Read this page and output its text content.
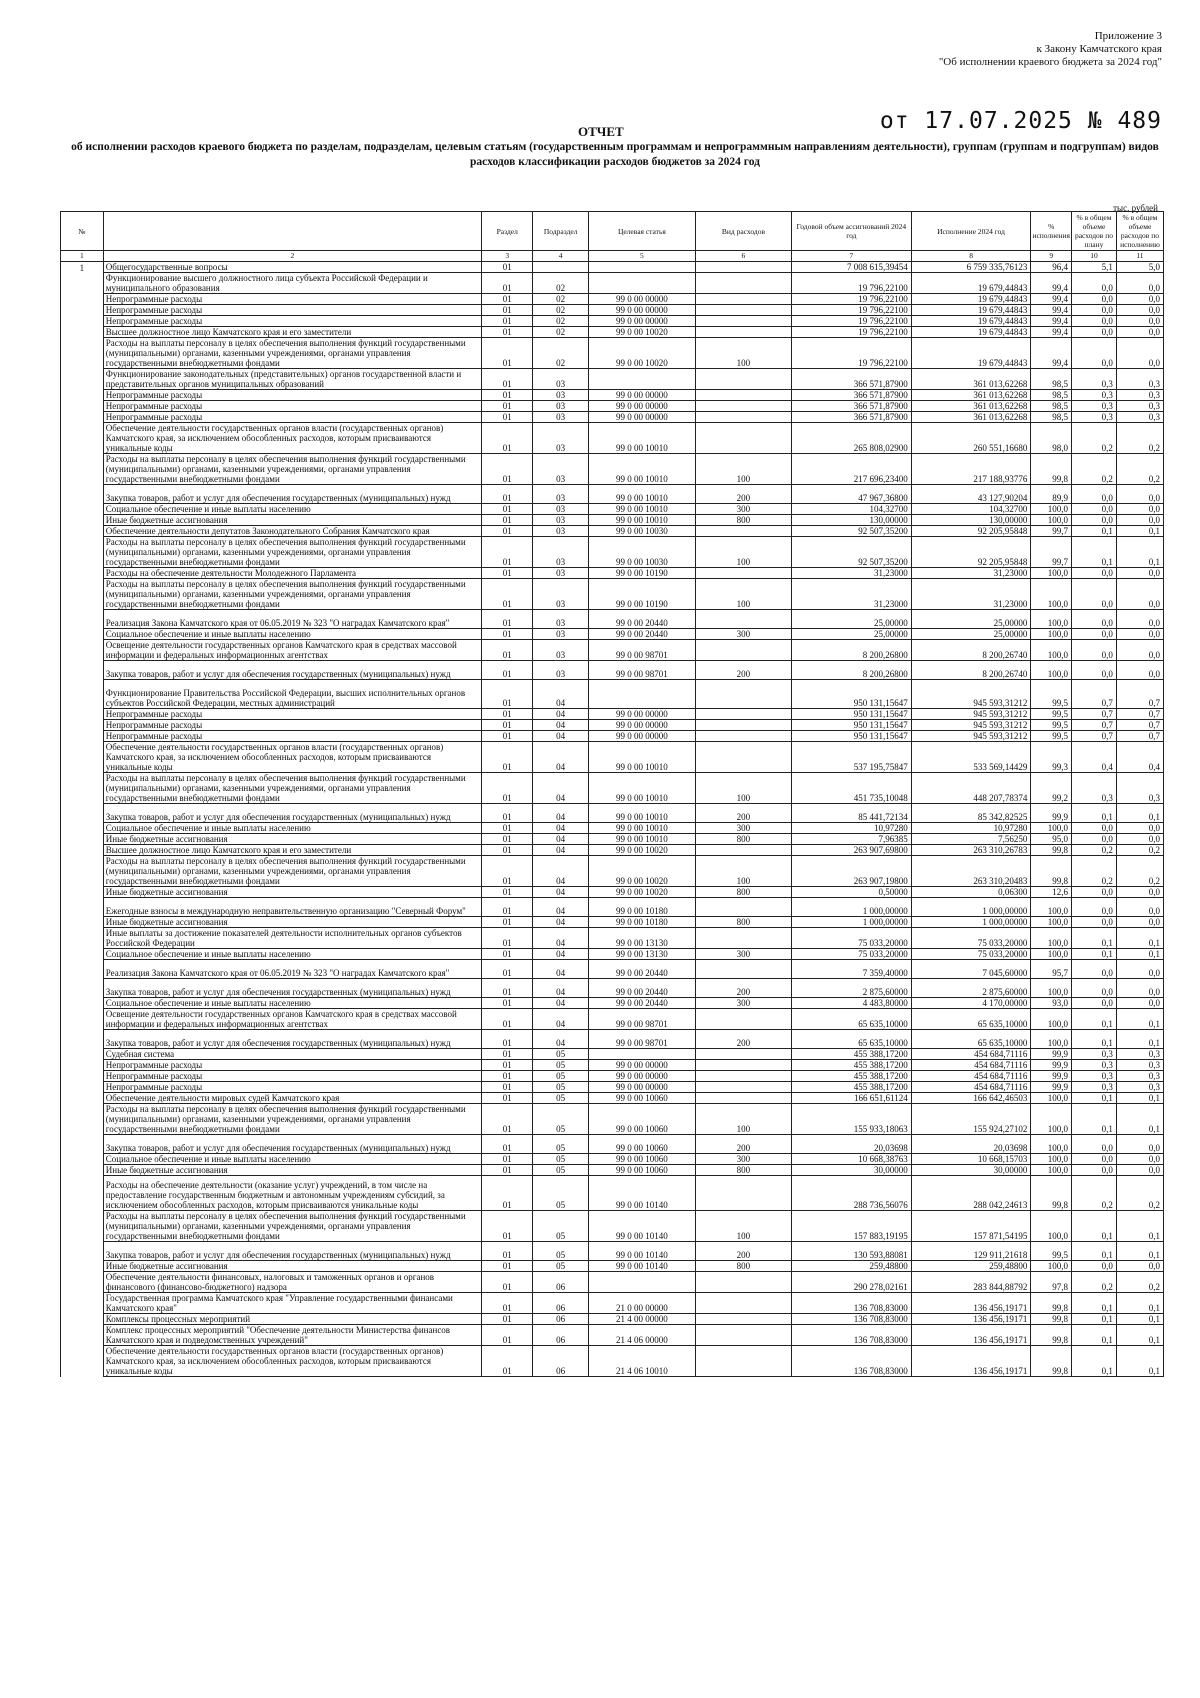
Приложение 3
к Закону Камчатского края
"Об исполнении краевого бюджета за 2024 год"
от 17.07.2025 № 489
ОТЧЕТ
об исполнении расходов краевого бюджета по разделам, подразделам, целевым статьям (государственным программам и непрограммным направлениям деятельности), группам (группам и подгруппам) видов расходов классификации расходов бюджетов за 2024 год
тыс. рублей
№		Раздел	Подраздел	Целевая статья	Вид расходов	Годовой объем ассигнований 2024 год	Исполнение 2024 год	% исполнения	% в общем объеме расходов по плану	% в общем объеме расходов по исполнению
1	2	3	4	5	6	7	8	9	10	11
1	Общегосударственные вопросы	01				7 008 615,39454	6 759 335,76123	96,4	5,1	5,0
	Функционирование высшего должностного лица субъекта Российской Федерации и муниципального образования	01	02			19 796,22100	19 679,44843	99,4	0,0	0,0
	Непрограммные расходы	01	02	99 0 00 00000		19 796,22100	19 679,44843	99,4	0,0	0,0
	Непрограммные расходы	01	02	99 0 00 00000		19 796,22100	19 679,44843	99,4	0,0	0,0
	Непрограммные расходы	01	02	99 0 00 00000		19 796,22100	19 679,44843	99,4	0,0	0,0
	Высшее должностное лицо Камчатского края и его заместители	01	02	99 0 00 10020		19 796,22100	19 679,44843	99,4	0,0	0,0
	Расходы на выплаты персоналу в целях обеспечения выполнения функций государственными (муниципальными) органами, казенными учреждениями, органами управления государственными внебюджетными фондами	01	02	99 0 00 10020	100	19 796,22100	19 679,44843	99,4	0,0	0,0
	Функционирование законодательных (представительных) органов государственной власти и представительных органов муниципальных образований	01	03			366 571,87900	361 013,62268	98,5	0,3	0,3
	Непрограммные расходы	01	03	99 0 00 00000		366 571,87900	361 013,62268	98,5	0,3	0,3
	Непрограммные расходы	01	03	99 0 00 00000		366 571,87900	361 013,62268	98,5	0,3	0,3
	Непрограммные расходы	01	03	99 0 00 00000		366 571,87900	361 013,62268	98,5	0,3	0,3
	Обеспечение деятельности государственных органов власти (государственных органов) Камчатского края, за исключением обособленных расходов, которым присваиваются уникальные коды	01	03	99 0 00 10010		265 808,02900	260 551,16680	98,0	0,2	0,2
	Расходы на выплаты персоналу в целях обеспечения выполнения функций государственными (муниципальными) органами, казенными учреждениями, органами управления государственными внебюджетными фондами	01	03	99 0 00 10010	100	217 696,23400	217 188,93776	99,8	0,2	0,2
	Закупка товаров, работ и услуг для обеспечения государственных (муниципальных) нужд	01	03	99 0 00 10010	200	47 967,36800	43 127,90204	89,9	0,0	0,0
	Социальное обеспечение и иные выплаты населению	01	03	99 0 00 10010	300	104,32700	104,32700	100,0	0,0	0,0
	Иные бюджетные ассигнования	01	03	99 0 00 10010	800	130,00000	130,00000	100,0	0,0	0,0
	Обеспечение деятельности депутатов Законодательного Собрания Камчатского края	01	03	99 0 00 10030		92 507,35200	92 205,95848	99,7	0,1	0,1
	Расходы на выплаты персоналу в целях обеспечения выполнения функций государственными (муниципальными) органами, казенными учреждениями, органами управления государственными внебюджетными фондами	01	03	99 0 00 10030	100	92 507,35200	92 205,95848	99,7	0,1	0,1
	Расходы на обеспечение деятельности Молодежного Парламента	01	03	99 0 00 10190		31,23000	31,23000	100,0	0,0	0,0
	Расходы на выплаты персоналу в целях обеспечения выполнения функций государственными (муниципальными) органами, казенными учреждениями, органами управления государственными внебюджетными фондами	01	03	99 0 00 10190	100	31,23000	31,23000	100,0	0,0	0,0
	Реализация Закона Камчатского края от 06.05.2019 № 323 "О наградах Камчатского края"	01	03	99 0 00 20440		25,00000	25,00000	100,0	0,0	0,0
	Социальное обеспечение и иные выплаты населению	01	03	99 0 00 20440	300	25,00000	25,00000	100,0	0,0	0,0
	Освещение деятельности государственных органов Камчатского края в средствах массовой информации и федеральных информационных агентствах	01	03	99 0 00 98701		8 200,26800	8 200,26740	100,0	0,0	0,0
	Закупка товаров, работ и услуг для обеспечения государственных (муниципальных) нужд	01	03	99 0 00 98701	200	8 200,26800	8 200,26740	100,0	0,0	0,0
	Функционирование Правительства Российской Федерации, высших исполнительных органов субъектов Российской Федерации, местных администраций	01	04			950 131,15647	945 593,31212	99,5	0,7	0,7
	Непрограммные расходы	01	04	99 0 00 00000		950 131,15647	945 593,31212	99,5	0,7	0,7
	Непрограммные расходы	01	04	99 0 00 00000		950 131,15647	945 593,31212	99,5	0,7	0,7
	Непрограммные расходы	01	04	99 0 00 00000		950 131,15647	945 593,31212	99,5	0,7	0,7
	Обеспечение деятельности государственных органов власти (государственных органов) Камчатского края, за исключением обособленных расходов, которым присваиваются уникальные коды	01	04	99 0 00 10010		537 195,75847	533 569,14429	99,3	0,4	0,4
	Расходы на выплаты персоналу в целях обеспечения выполнения функций государственными (муниципальными) органами, казенными учреждениями, органами управления государственными внебюджетными фондами	01	04	99 0 00 10010	100	451 735,10048	448 207,78374	99,2	0,3	0,3
	Закупка товаров, работ и услуг для обеспечения государственных (муниципальных) нужд	01	04	99 0 00 10010	200	85 441,72134	85 342,82525	99,9	0,1	0,1
	Социальное обеспечение и иные выплаты населению	01	04	99 0 00 10010	300	10,97280	10,97280	100,0	0,0	0,0
	Иные бюджетные ассигнования	01	04	99 0 00 10010	800	7,96385	7,56250	95,0	0,0	0,0
	Высшее должностное лицо Камчатского края и его заместители	01	04	99 0 00 10020		263 907,69800	263 310,26783	99,8	0,2	0,2
	Расходы на выплаты персоналу в целях обеспечения выполнения функций государственными (муниципальными) органами, казенными учреждениями, органами управления государственными внебюджетными фондами	01	04	99 0 00 10020	100	263 907,19800	263 310,20483	99,8	0,2	0,2
	Иные бюджетные ассигнования	01	04	99 0 00 10020	800	0,50000	0,06300	12,6	0,0	0,0
	Ежегодные взносы в международную неправительственную организацию "Северный Форум"	01	04	99 0 00 10180		1 000,00000	1 000,00000	100,0	0,0	0,0
	Иные бюджетные ассигнования	01	04	99 0 00 10180	800	1 000,00000	1 000,00000	100,0	0,0	0,0
	Иные выплаты за достижение показателей деятельности исполнительных органов субъектов Российской Федерации	01	04	99 0 00 13130		75 033,20000	75 033,20000	100,0	0,1	0,1
	Социальное обеспечение и иные выплаты населению	01	04	99 0 00 13130	300	75 033,20000	75 033,20000	100,0	0,1	0,1
	Реализация Закона Камчатского края от 06.05.2019 № 323 "О наградах Камчатского края"	01	04	99 0 00 20440		7 359,40000	7 045,60000	95,7	0,0	0,0
	Закупка товаров, работ и услуг для обеспечения государственных (муниципальных) нужд	01	04	99 0 00 20440	200	2 875,60000	2 875,60000	100,0	0,0	0,0
	Социальное обеспечение и иные выплаты населению	01	04	99 0 00 20440	300	4 483,80000	4 170,00000	93,0	0,0	0,0
	Освещение деятельности государственных органов Камчатского края в средствах массовой информации и федеральных информационных агентствах	01	04	99 0 00 98701		65 635,10000	65 635,10000	100,0	0,1	0,1
	Закупка товаров, работ и услуг для обеспечения государственных (муниципальных) нужд	01	04	99 0 00 98701	200	65 635,10000	65 635,10000	100,0	0,1	0,1
	Судебная система	01	05			455 388,17200	454 684,71116	99,9	0,3	0,3
	Непрограммные расходы	01	05	99 0 00 00000		455 388,17200	454 684,71116	99,9	0,3	0,3
	Непрограммные расходы	01	05	99 0 00 00000		455 388,17200	454 684,71116	99,9	0,3	0,3
	Непрограммные расходы	01	05	99 0 00 00000		455 388,17200	454 684,71116	99,9	0,3	0,3
	Обеспечение деятельности мировых судей Камчатского края	01	05	99 0 00 10060		166 651,61124	166 642,46503	100,0	0,1	0,1
	Расходы на выплаты персоналу в целях обеспечения выполнения функций государственными (муниципальными) органами, казенными учреждениями, органами управления государственными внебюджетными фондами	01	05	99 0 00 10060	100	155 933,18063	155 924,27102	100,0	0,1	0,1
	Закупка товаров, работ и услуг для обеспечения государственных (муниципальных) нужд	01	05	99 0 00 10060	200	20,03698	20,03698	100,0	0,0	0,0
	Социальное обеспечение и иные выплаты населению	01	05	99 0 00 10060	300	10 668,38763	10 668,15703	100,0	0,0	0,0
	Иные бюджетные ассигнования	01	05	99 0 00 10060	800	30,00000	30,00000	100,0	0,0	0,0
	Расходы на обеспечение деятельности (оказание услуг) учреждений, в том числе на предоставление государственным бюджетным и автономным учреждениям субсидий, за исключением обособленных расходов, которым присваиваются уникальные коды	01	05	99 0 00 10140		288 736,56076	288 042,24613	99,8	0,2	0,2
	Расходы на выплаты персоналу в целях обеспечения выполнения функций государственными (муниципальными) органами, казенными учреждениями, органами управления государственными внебюджетными фондами	01	05	99 0 00 10140	100	157 883,19195	157 871,54195	100,0	0,1	0,1
	Закупка товаров, работ и услуг для обеспечения государственных (муниципальных) нужд	01	05	99 0 00 10140	200	130 593,88081	129 911,21618	99,5	0,1	0,1
	Иные бюджетные ассигнования	01	05	99 0 00 10140	800	259,48800	259,48800	100,0	0,0	0,0
	Обеспечение деятельности финансовых, налоговых и таможенных органов и органов финансового (финансово-бюджетного) надзора	01	06			290 278,02161	283 844,88792	97,8	0,2	0,2
	Государственная программа Камчатского края "Управление государственными финансами Камчатского края"	01	06	21 0 00 00000		136 708,83000	136 456,19171	99,8	0,1	0,1
	Комплексы процессных мероприятий	01	06	21 4 00 00000		136 708,83000	136 456,19171	99,8	0,1	0,1
	Комплекс процессных мероприятий "Обеспечение деятельности Министерства финансов Камчатского края и подведомственных учреждений"	01	06	21 4 06 00000		136 708,83000	136 456,19171	99,8	0,1	0,1
	Обеспечение деятельности государственных органов власти (государственных органов) Камчатского края, за исключением обособленных расходов, которым присваиваются уникальные коды	01	06	21 4 06 10010		136 708,83000	136 456,19171	99,8	0,1	0,1
